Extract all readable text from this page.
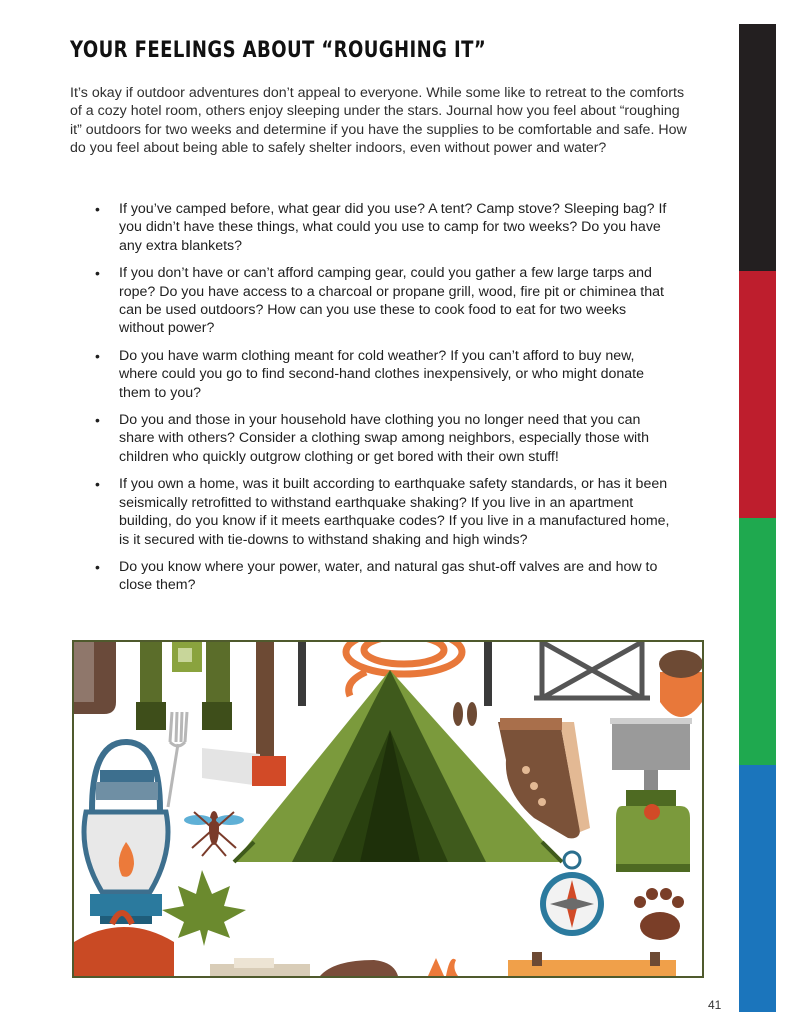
YOUR FEELINGS ABOUT “ROUGHING IT”

It’s okay if outdoor adventures don’t appeal to everyone. While some like to retreat to the comforts of a cozy hotel room, others enjoy sleeping under the stars. Journal how you feel about “roughing it” outdoors for two weeks and determine if you have the supplies to be comfortable and safe. How do you feel about being able to safely shelter indoors, even without power and water?

• If you’ve camped before, what gear did you use? A tent? Camp stove? Sleeping bag? If you didn’t have these things, what could you use to camp for two weeks? Do you have any extra blankets?
• If you don’t have or can’t afford camping gear, could you gather a few large tarps and rope? Do you have access to a charcoal or propane grill, wood, fire pit or chiminea that can be used outdoors? How can you use these to cook food to eat for two weeks without power?
• Do you have warm clothing meant for cold weather? If you can’t afford to buy new, where could you go to find second-hand clothes inexpensively, or who might donate them to you?
• Do you and those in your household have clothing you no longer need that you can share with others? Consider a clothing swap among neighbors, especially those with children who quickly outgrow clothing or get bored with their own stuff!
• If you own a home, was it built according to earthquake safety standards, or has it been seismically retrofitted to withstand earthquake shaking? If you live in an apartment building, do you know if it meets earthquake codes? If you live in a manufactured home, is it secured with tie-downs to withstand shaking and high winds?
• Do you know where your power, water, and natural gas shut-off valves are and how to close them?
41
